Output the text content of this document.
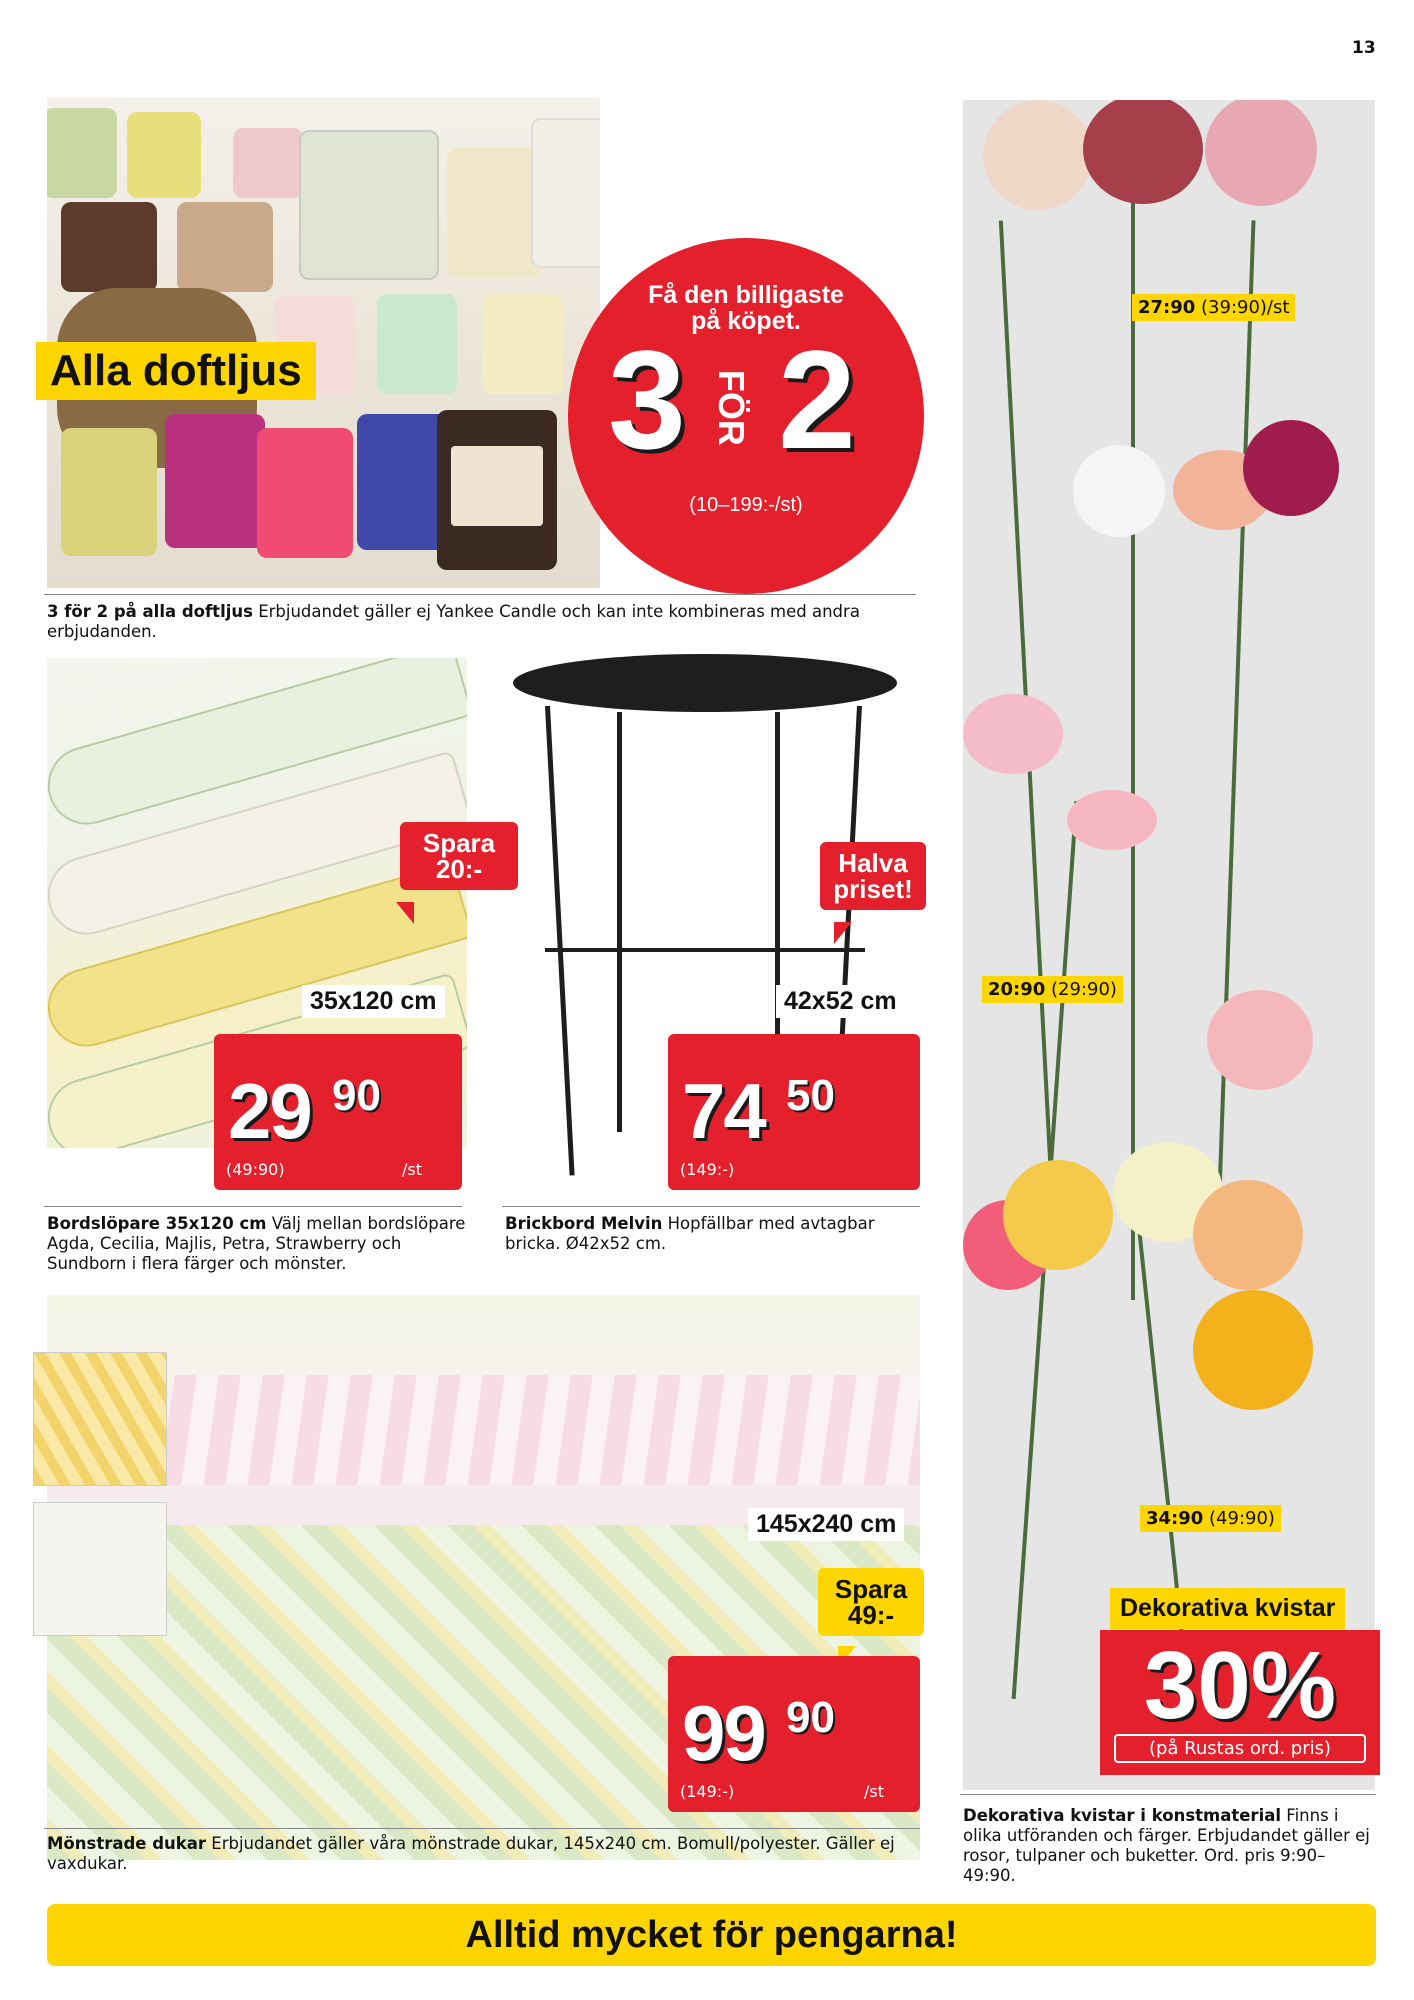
13
Alla doftljus
Få den billigaste
på köpet.
3 FÖR 2
(10–199:-/st)
3 för 2 på alla doftljus Erbjudandet gäller ej Yankee Candle och kan inte kombineras med andra erbjudanden.
Spara
20:-
35x120 cm
29 90
(49:90)	/st
Bordslöpare 35x120 cm Välj mellan bordslöpare Agda, Cecilia, Majlis, Petra, Strawberry och Sundborn i flera färger och mönster.
Halva
priset!
42x52 cm
74 50
(149:-)
Brickbord Melvin Hopfällbar med avtagbar bricka. Ø42x52 cm.
145x240 cm
Spara
49:-
99 90
(149:-)	/st
Mönstrade dukar Erbjudandet gäller våra mönstrade dukar, 145x240 cm. Bomull/polyester. Gäller ej vaxdukar.
27:90 (39:90)/st
20:90 (29:90)
34:90 (49:90)
Dekorativa kvistar
30%
(på Rustas ord. pris)
Dekorativa kvistar i konstmaterial Finns i olika utföranden och färger. Erbjudandet gäller ej rosor, tulpaner och buketter. Ord. pris 9:90–49:90.
Alltid mycket för pengarna!
